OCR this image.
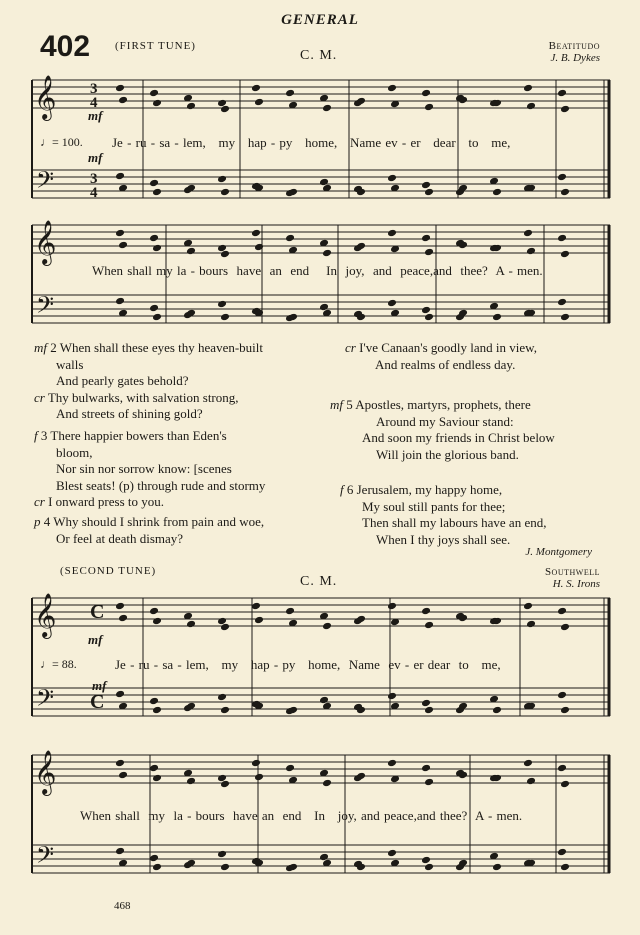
GENERAL
402 (FIRST TUNE)
C. M.
Beatitudo
J. B. Dykes
𝄞
𝄢
𝄞
𝄢
𝄞
𝄢
𝄞
𝄢
3
4
3
4
C
C
mf
♩= 100. Je - ru - sa - lem,   my   hap - py   home,   Name ev - er   dear   to   me,
mf
When shall my la - bours  have  an  end    In  joy,  and  peace,and  thee?  A - men.
mf 2 When shall these eyes thy heaven-built
walls
And pearly gates behold?
cr Thy bulwarks, with salvation strong,
And streets of shining gold?
f 3 There happier bowers than Eden's
bloom,
Nor sin nor sorrow know: [scenes
Blest seats! (p) through rude and stormy
cr I onward press to you.
p 4 Why should I shrink from pain and woe,
Or feel at death dismay?
cr I've Canaan's goodly land in view,
And realms of endless day.
mf 5 Apostles, martyrs, prophets, there
Around my Saviour stand:
And soon my friends in Christ below
Will join the glorious band.
f 6 Jerusalem, my happy home,
My soul still pants for thee;
Then shall my labours have an end,
When I thy joys shall see.
J. Montgomery
(SECOND TUNE)
C. M.
Southwell
H. S. Irons
mf
♩= 88.	Je - ru - sa - lem,   my   hap - py   home,  Name  ev - er dear  to   me,
mf
When shall  my  la - bours  have an  end   In   joy, and peace,and thee?  A - men.
468
